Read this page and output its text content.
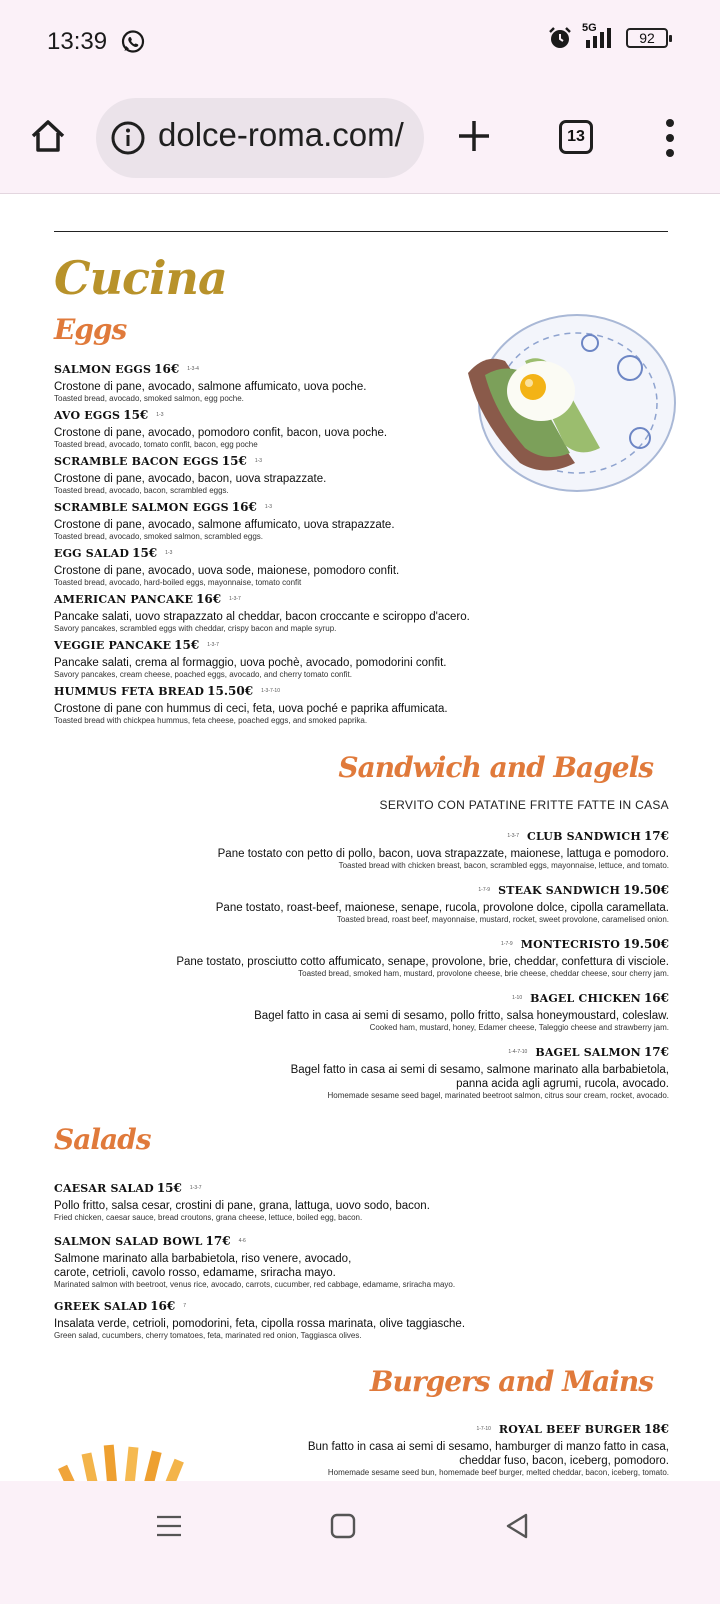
13:39	5G
92
dolce-roma.com/	13
Cucina
Eggs
SALMON EGGS 16€ 1-3-4
Crostone di pane, avocado, salmone affumicato, uova poche.
Toasted bread, avocado, smoked salmon, egg poche.
AVO EGGS 15€ 1-3
Crostone di pane, avocado, pomodoro confit, bacon, uova poche.
Toasted bread, avocado, tomato confit, bacon, egg poche
SCRAMBLE BACON EGGS 15€ 1-3
Crostone di pane, avocado, bacon, uova strapazzate.
Toasted bread, avocado, bacon, scrambled eggs.
SCRAMBLE SALMON EGGS 16€ 1-3
Crostone di pane, avocado, salmone affumicato, uova strapazzate.
Toasted bread, avocado, smoked salmon, scrambled eggs.
EGG SALAD 15€ 1-3
Crostone di pane, avocado, uova sode, maionese, pomodoro confit.
Toasted bread, avocado, hard-boiled eggs, mayonnaise, tomato confit
AMERICAN PANCAKE 16€ 1-3-7
Pancake salati, uovo strapazzato al cheddar, bacon croccante e sciroppo d'acero.
Savory pancakes, scrambled eggs with cheddar, crispy bacon and maple syrup.
VEGGIE PANCAKE 15€ 1-3-7
Pancake salati, crema al formaggio, uova pochè, avocado, pomodorini confit.
Savory pancakes, cream cheese, poached eggs, avocado, and cherry tomato confit.
HUMMUS FETA BREAD 15.50€ 1-3-7-10
Crostone di pane con hummus di ceci, feta, uova poché e paprika affumicata.
Toasted bread with chickpea hummus, feta cheese, poached eggs, and smoked paprika.
Sandwich and Bagels
SERVITO CON PATATINE FRITTE FATTE IN CASA
1-3-7 CLUB SANDWICH 17€
Pane tostato con petto di pollo, bacon, uova strapazzate, maionese, lattuga e pomodoro.
Toasted bread with chicken breast, bacon, scrambled eggs, mayonnaise, lettuce, and tomato.
1-7-9 STEAK SANDWICH 19.50€
Pane tostato, roast-beef, maionese, senape, rucola, provolone dolce, cipolla caramellata.
Toasted bread, roast beef, mayonnaise, mustard, rocket, sweet provolone, caramelised onion.
1-7-9 MONTECRISTO 19.50€
Pane tostato, prosciutto cotto affumicato, senape, provolone, brie, cheddar, confettura di visciole.
Toasted bread, smoked ham, mustard, provolone cheese, brie cheese, cheddar cheese, sour cherry jam.
1-10 BAGEL CHICKEN 16€
Bagel fatto in casa ai semi di sesamo, pollo fritto, salsa honeymoustard, coleslaw.
Cooked ham, mustard, honey, Edamer cheese, Taleggio cheese and strawberry jam.
1-4-7-10 BAGEL SALMON 17€
Bagel fatto in casa ai semi di sesamo, salmone marinato alla barbabietola,
panna acida agli agrumi, rucola, avocado.
Homemade sesame seed bagel, marinated beetroot salmon, citrus sour cream, rocket, avocado.
Salads
CAESAR SALAD 15€ 1-3-7
Pollo fritto, salsa cesar, crostini di pane, grana, lattuga, uovo sodo, bacon.
Fried chicken, caesar sauce, bread croutons, grana cheese, lettuce, boiled egg, bacon.
SALMON SALAD BOWL 17€ 4-6
Salmone marinato alla barbabietola, riso venere, avocado,
carote, cetrioli, cavolo rosso, edamame, sriracha mayo.
Marinated salmon with beetroot, venus rice, avocado, carrots, cucumber, red cabbage, edamame, sriracha mayo.
GREEK SALAD 16€ 7
Insalata verde, cetrioli, pomodorini, feta, cipolla rossa marinata, olive taggiasche.
Green salad, cucumbers, cherry tomatoes, feta, marinated red onion, Taggiasca olives.
Burgers and Mains
1-7-10 ROYAL BEEF BURGER 18€
Bun fatto in casa ai semi di sesamo, hamburger di manzo fatto in casa,
cheddar fuso, bacon, iceberg, pomodoro.
Homemade sesame seed bun, homemade beef burger, melted cheddar, bacon, iceberg, tomato.
